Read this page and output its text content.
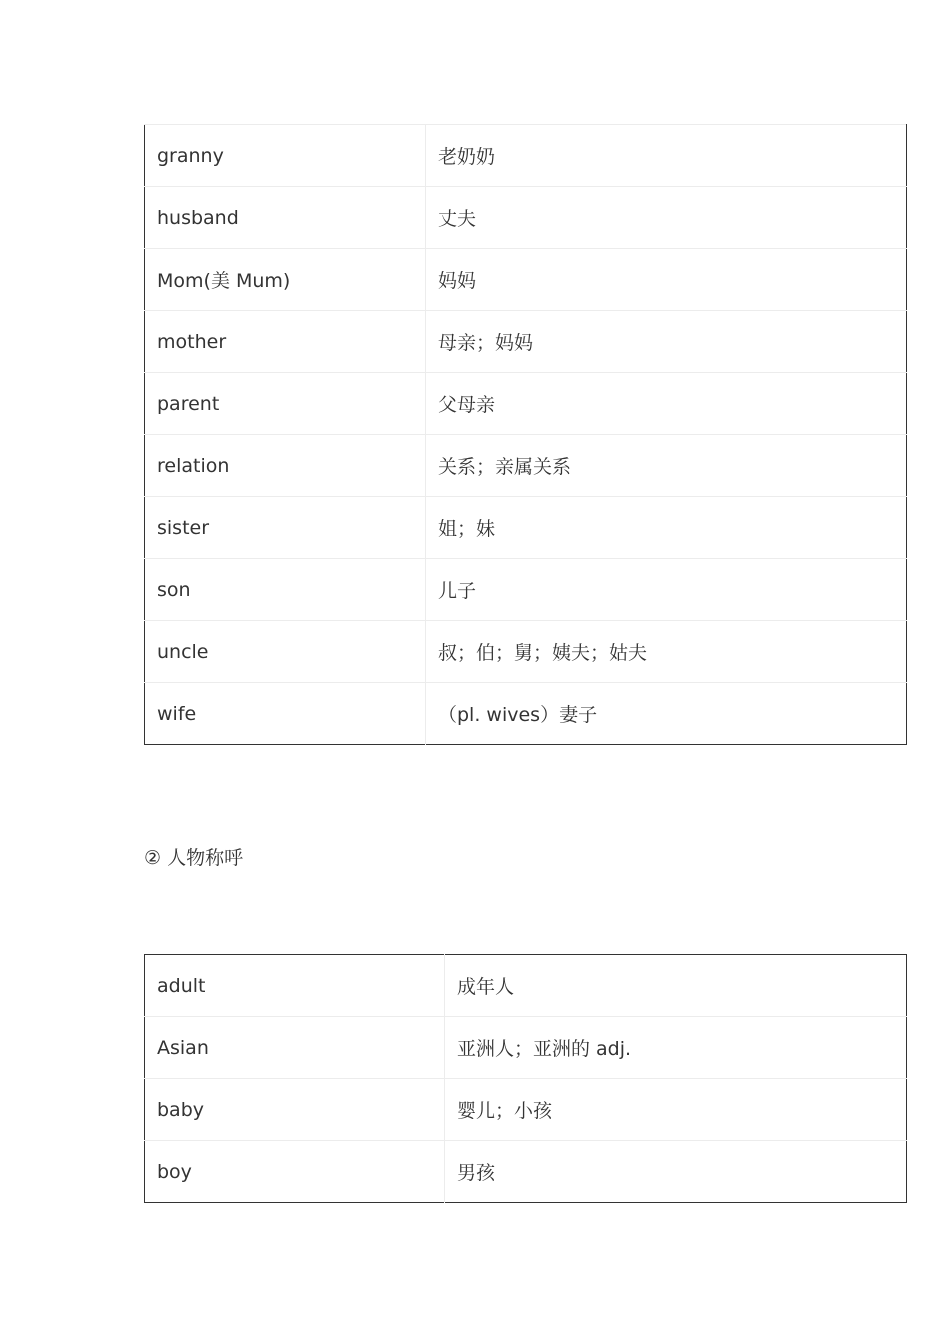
granny	老奶奶
husband	丈夫
Mom(美 Mum)	妈妈
mother	母亲；妈妈
parent	父母亲
relation	关系；亲属关系
sister	姐；妹
son	儿子
uncle	叔；伯；舅；姨夫；姑夫
wife	（pl. wives）妻子
② 人物称呼
adult	成年人
Asian	亚洲人；亚洲的 adj.
baby	婴儿；小孩
boy	男孩
